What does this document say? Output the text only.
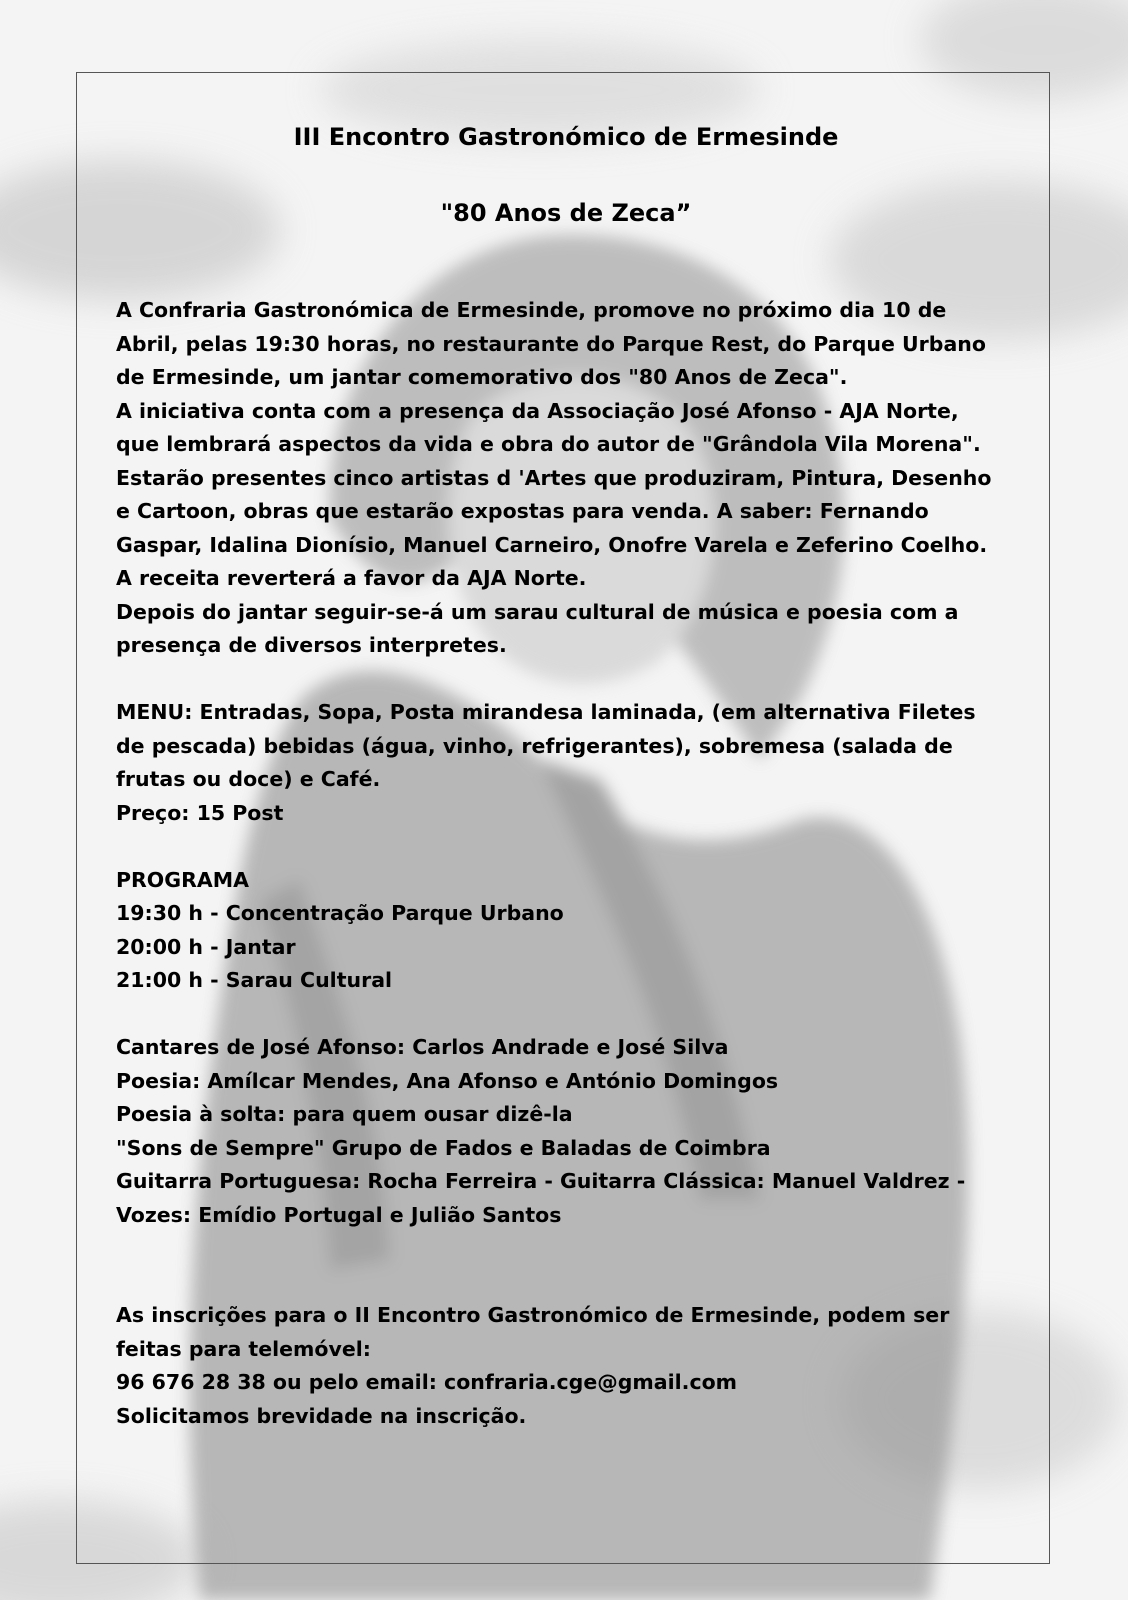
III Encontro Gastronómico de Ermesinde
"80 Anos de Zeca”

A Confraria Gastronómica de Ermesinde, promove no próximo dia 10 de

Abril, pelas 19:30 horas, no restaurante do Parque Rest, do Parque Urbano

de Ermesinde, um jantar comemorativo dos "80 Anos de Zeca".

A iniciativa conta com a presença da Associação José Afonso - AJA Norte,

que lembrará aspectos da vida e obra do autor de "Grândola Vila Morena".

Estarão presentes cinco artistas d 'Artes que produziram, Pintura, Desenho

e Cartoon, obras que estarão expostas para venda. A saber: Fernando

Gaspar, Idalina Dionísio, Manuel Carneiro, Onofre Varela e Zeferino Coelho.

A receita reverterá a favor da AJA Norte.

Depois do jantar seguir-se-á um sarau cultural de música e poesia com a

presença de diversos interpretes.

MENU: Entradas, Sopa, Posta mirandesa laminada, (em alternativa Filetes

de pescada) bebidas (água, vinho, refrigerantes), sobremesa (salada de

frutas ou doce) e Café.

Preço: 15 Post

PROGRAMA

19:30 h - Concentração Parque Urbano

20:00 h - Jantar

21:00 h - Sarau Cultural

Cantares de José Afonso: Carlos Andrade e José Silva

Poesia: Amílcar Mendes, Ana Afonso e António Domingos

Poesia à solta: para quem ousar dizê-la

"Sons de Sempre" Grupo de Fados e Baladas de Coimbra

Guitarra Portuguesa: Rocha Ferreira - Guitarra Clássica: Manuel Valdrez -

Vozes: Emídio Portugal e Julião Santos

As inscrições para o II Encontro Gastronómico de Ermesinde, podem ser

feitas para telemóvel:

96 676 28 38 ou pelo email: confraria.cge@gmail.com

Solicitamos brevidade na inscrição.
